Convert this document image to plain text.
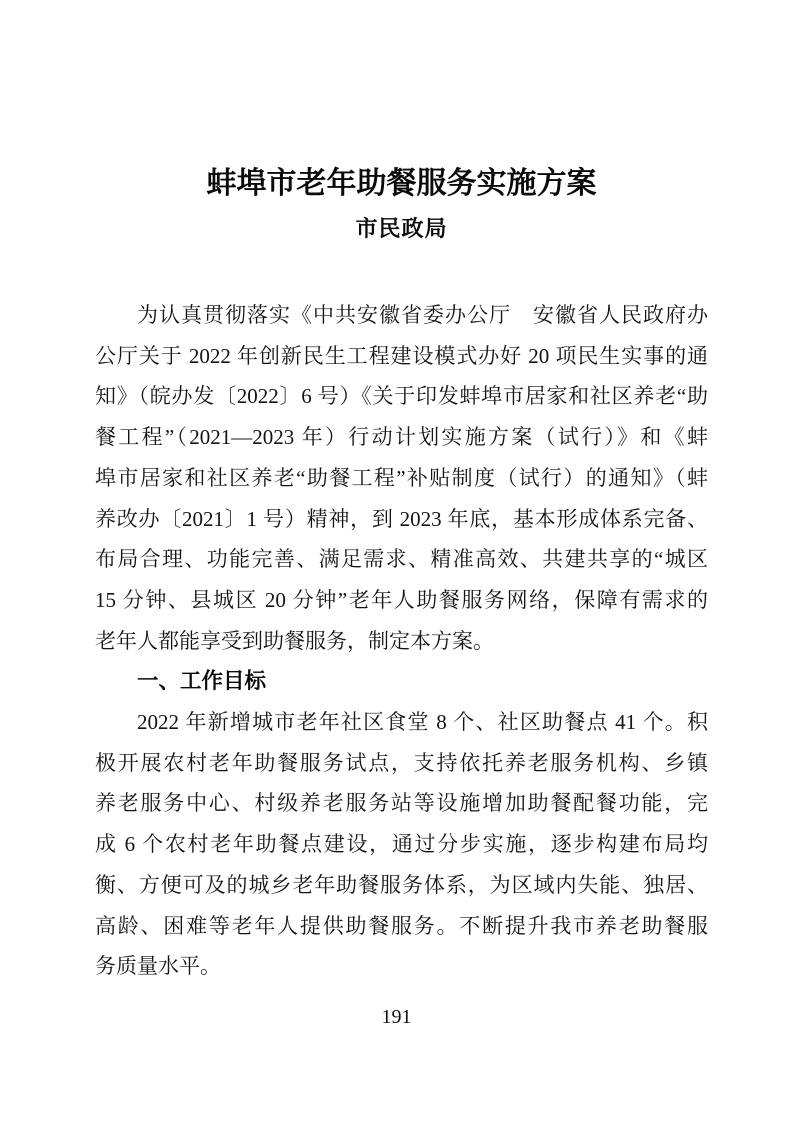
蚌埠市老年助餐服务实施方案
市民政局
为认真贯彻落实《中共安徽省委办公厅　安徽省人民政府办
公厅关于 2022 年创新民生工程建设模式办好 20 项民生实事的通
知》（皖办发〔2022〕6 号）《关于印发蚌埠市居家和社区养老“助
餐工程”（2021—2023 年）行动计划实施方案（试行）》和《蚌
埠市居家和社区养老“助餐工程”补贴制度（试行）的通知》（蚌
养改办〔2021〕1 号）精神，到 2023 年底，基本形成体系完备、
布局合理、功能完善、满足需求、精准高效、共建共享的“城区
15 分钟、县城区 20 分钟”老年人助餐服务网络，保障有需求的
老年人都能享受到助餐服务，制定本方案。
一、工作目标
2022 年新增城市老年社区食堂 8 个、社区助餐点 41 个。积
极开展农村老年助餐服务试点，支持依托养老服务机构、乡镇
养老服务中心、村级养老服务站等设施增加助餐配餐功能，完
成 6 个农村老年助餐点建设，通过分步实施，逐步构建布局均
衡、方便可及的城乡老年助餐服务体系，为区域内失能、独居、
高龄、困难等老年人提供助餐服务。不断提升我市养老助餐服
务质量水平。
191
